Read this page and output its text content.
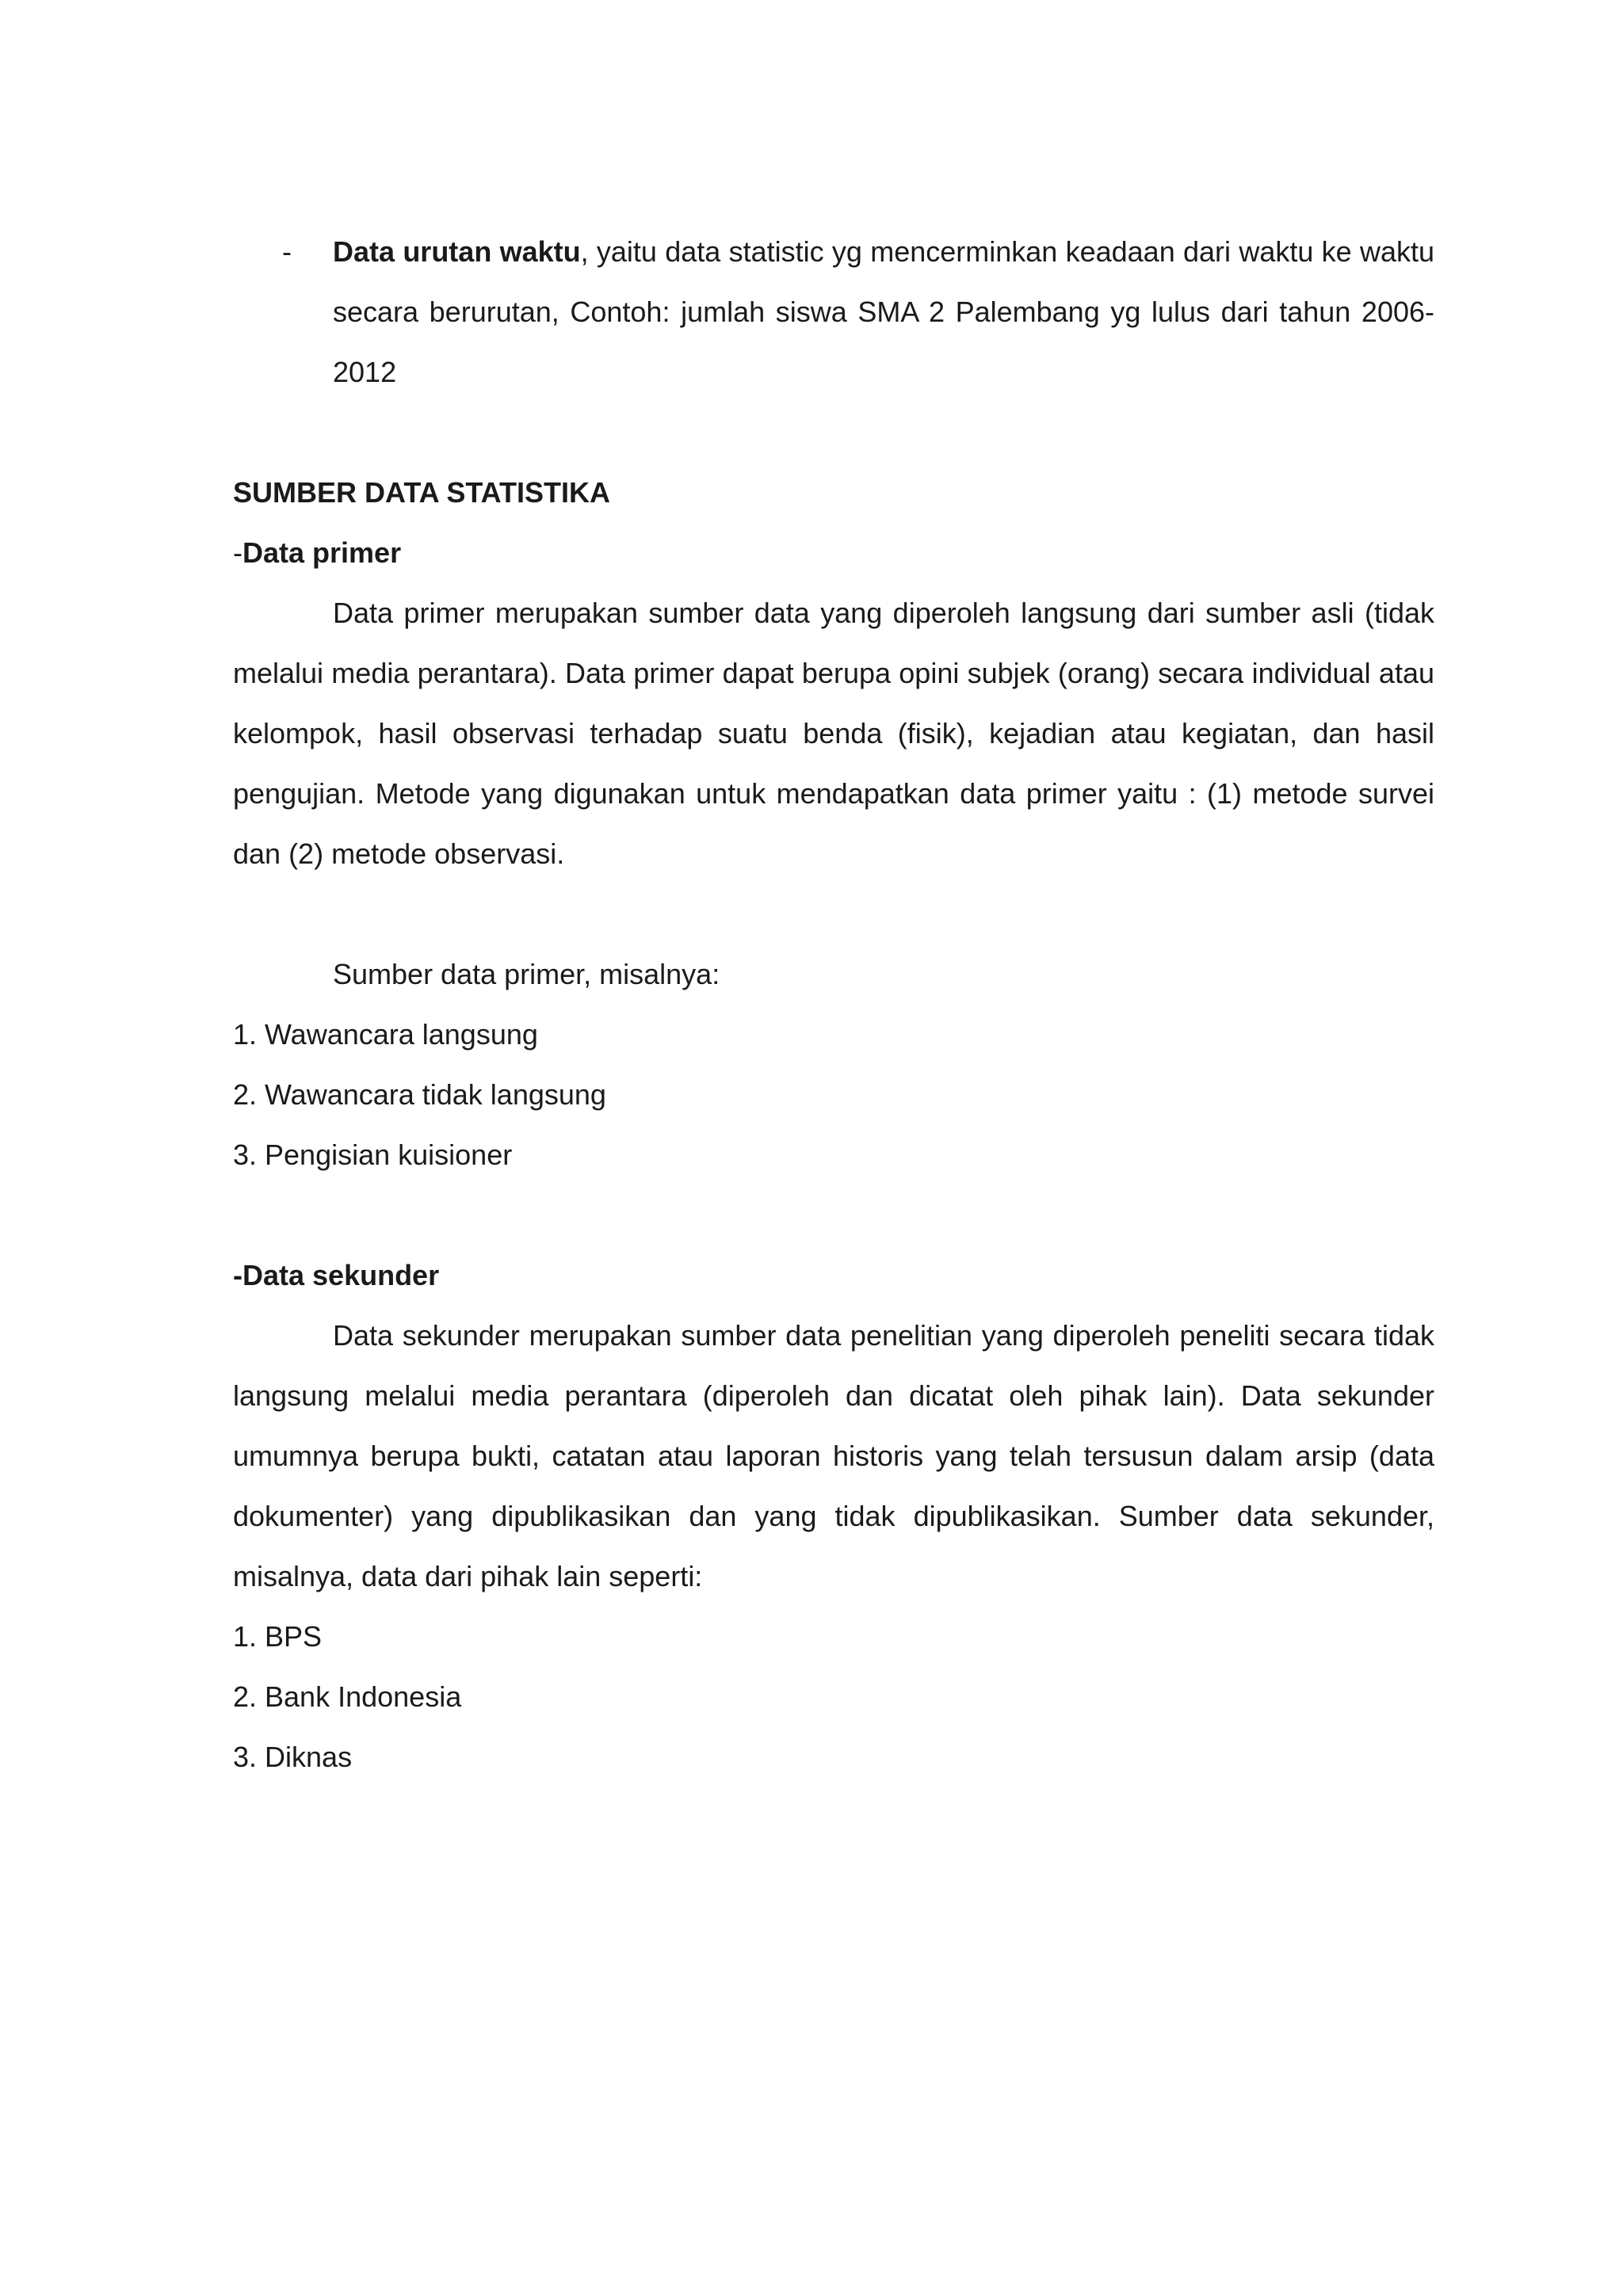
- Data urutan waktu, yaitu data statistic yg mencerminkan keadaan dari waktu ke waktu secara berurutan, Contoh: jumlah siswa SMA 2 Palembang yg lulus dari tahun 2006-2012

SUMBER DATA STATISTIKA

-Data primer

Data primer merupakan sumber data yang diperoleh langsung dari sumber asli (tidak melalui media perantara). Data primer dapat berupa opini subjek (orang) secara individual atau kelompok, hasil observasi terhadap suatu benda (fisik), kejadian atau kegiatan, dan hasil pengujian. Metode yang digunakan untuk mendapatkan data primer yaitu : (1) metode survei dan (2) metode observasi.

Sumber data primer, misalnya:

1. Wawancara langsung

2. Wawancara tidak langsung

3. Pengisian kuisioner

-Data sekunder

Data sekunder merupakan sumber data penelitian yang diperoleh peneliti secara tidak langsung melalui media perantara (diperoleh dan dicatat oleh pihak lain). Data sekunder umumnya berupa bukti, catatan atau laporan historis yang telah tersusun dalam arsip (data dokumenter) yang dipublikasikan dan yang tidak dipublikasikan. Sumber data sekunder, misalnya, data dari pihak lain seperti:

1. BPS

2. Bank Indonesia

3. Diknas
